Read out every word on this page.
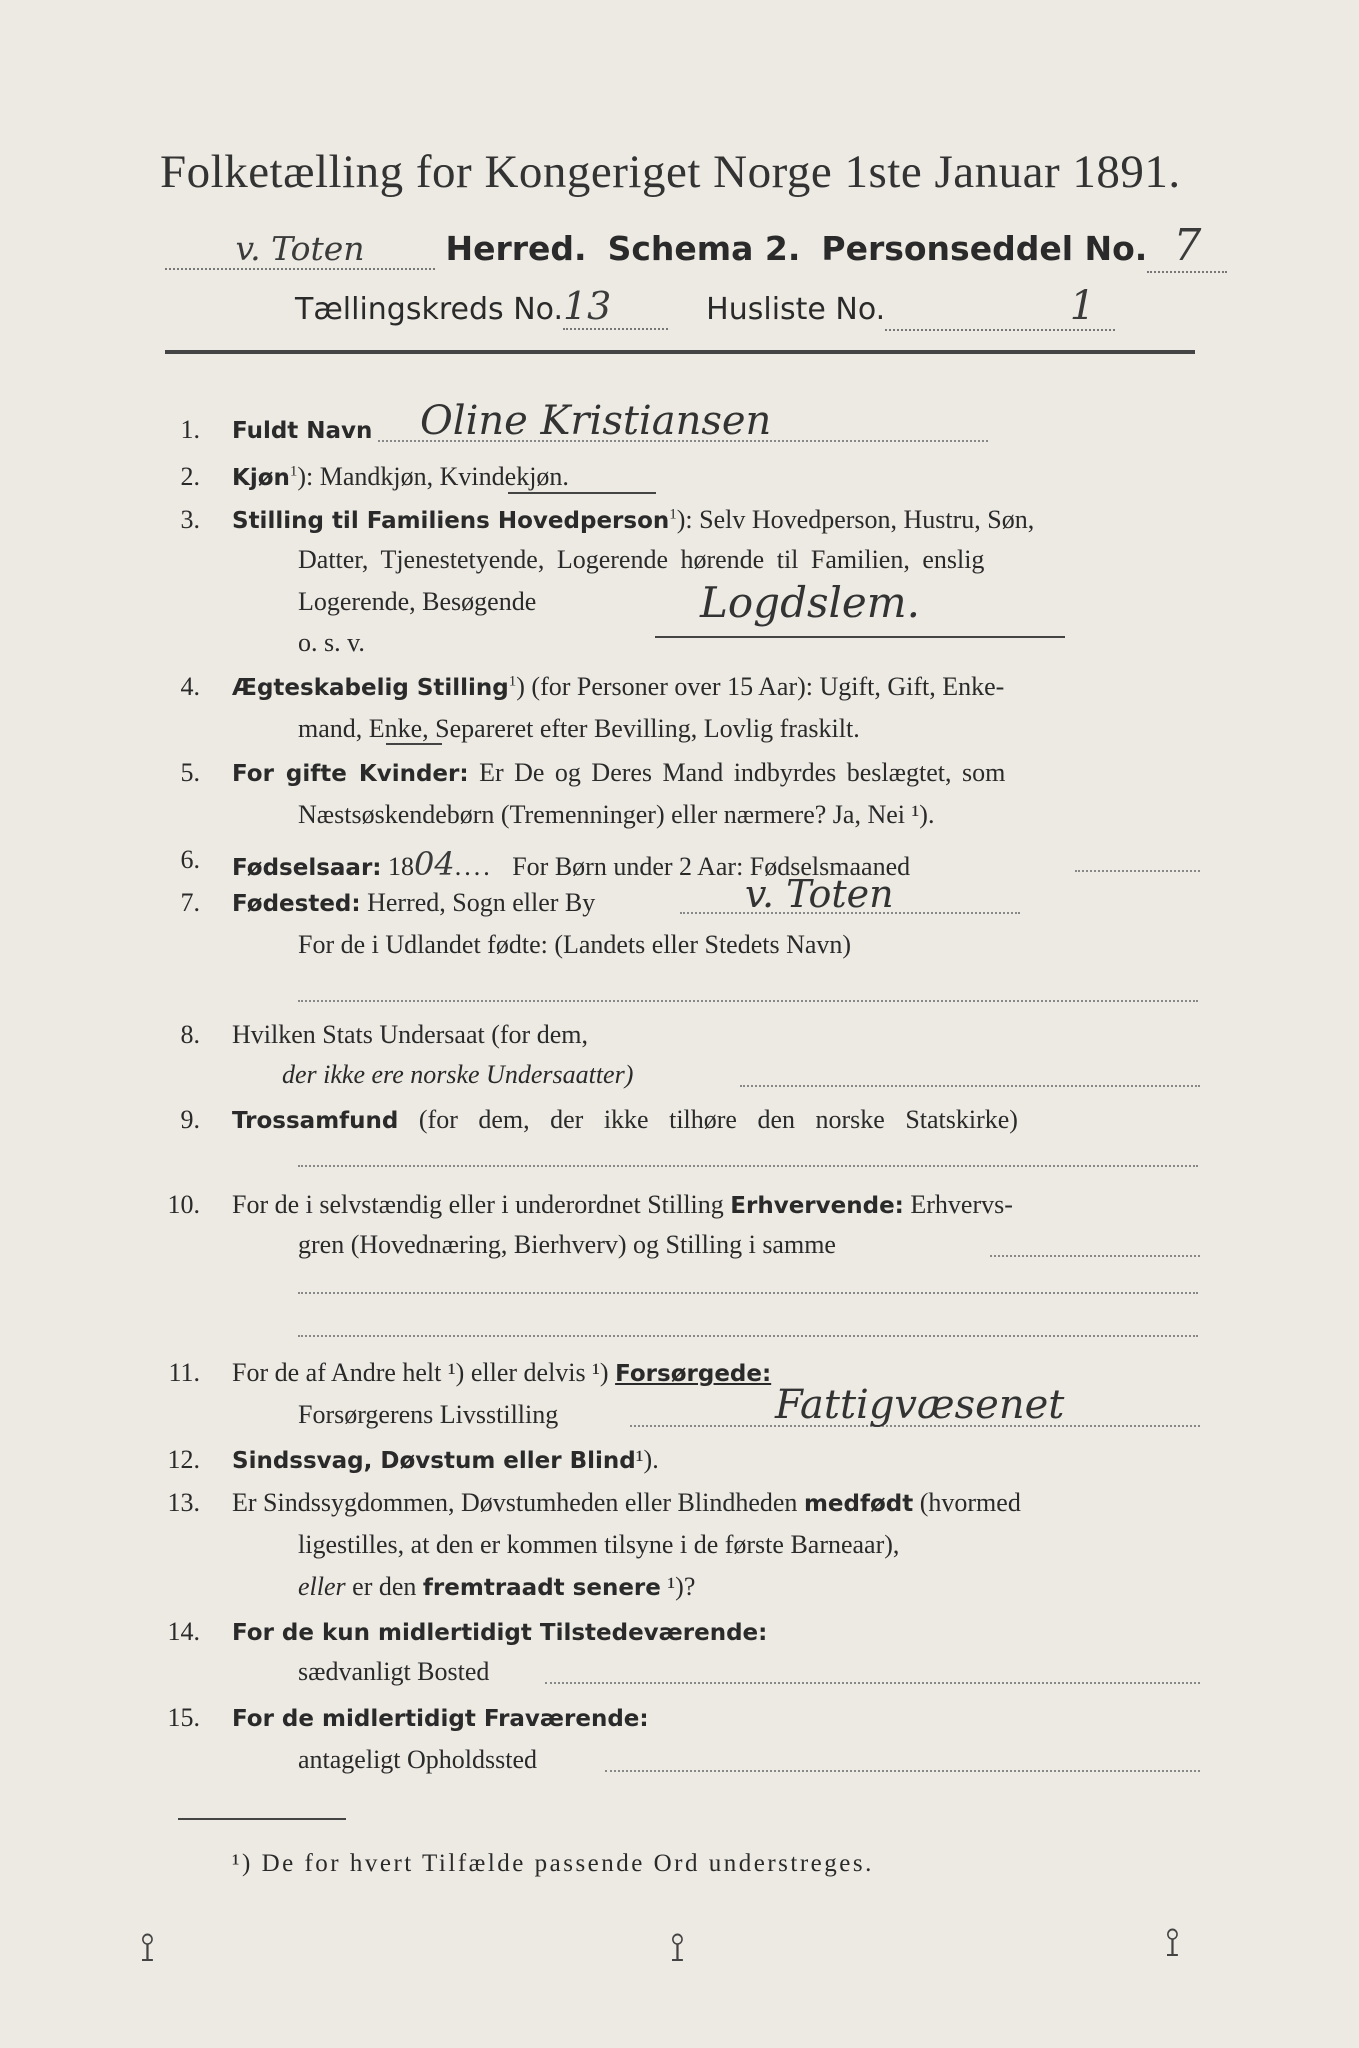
Folketælling for Kongeriget Norge 1ste Januar 1891.
v. Toten Herred. Schema 2. Personseddel No. 7
Tællingskreds No.13	Husliste No.	1
1. Fuldt Navn Oline Kristiansen
2. Kjøn$^1$): Mandkjøn, Kvindekjøn.
3. Stilling til Familiens Hovedperson$^1$): Selv Hovedperson, Hustru, Søn,
Datter, Tjenestetyende, Logerende hørende til Familien, enslig
Logerende, Besøgende
o. s. v.
Logdslem.
4. Ægteskabelig Stilling$^1$) (for Personer over 15 Aar): Ugift, Gift, Enke-
mand, Enke, Separeret efter Bevilling, Lovlig fraskilt.
5. For gifte Kvinder: Er De og Deres Mand indbyrdes beslægtet, som
Næstsøskendebørn (Tremenninger) eller nærmere? Ja, Nei ¹).
6. Fødselsaar: 1804.... For Børn under 2 Aar: Fødselsmaaned
7. Fødested: Herred, Sogn eller By	v. Toten
For de i Udlandet fødte: (Landets eller Stedets Navn)
8. Hvilken Stats Undersaat (for dem,
der ikke ere norske Undersaatter)
9. Trossamfund (for dem, der ikke tilhøre den norske Statskirke)
10. For de i selvstændig eller i underordnet Stilling Erhvervende: Erhvervs-
gren (Hovednæring, Bierhverv) og Stilling i samme
11. For de af Andre helt ¹) eller delvis ¹) Forsørgede:
Forsørgerens Livsstilling	Fattigvæsenet
12. Sindssvag, Døvstum eller Blind¹).
13. Er Sindssygdommen, Døvstumheden eller Blindheden medfødt (hvormed
ligestilles, at den er kommen tilsyne i de første Barneaar),
eller er den fremtraadt senere ¹)?
14. For de kun midlertidigt Tilstedeværende:
sædvanligt Bosted
15. For de midlertidigt Fraværende:
antageligt Opholdssted
¹) De for hvert Tilfælde passende Ord understreges.
⟟	⟟	⟟
